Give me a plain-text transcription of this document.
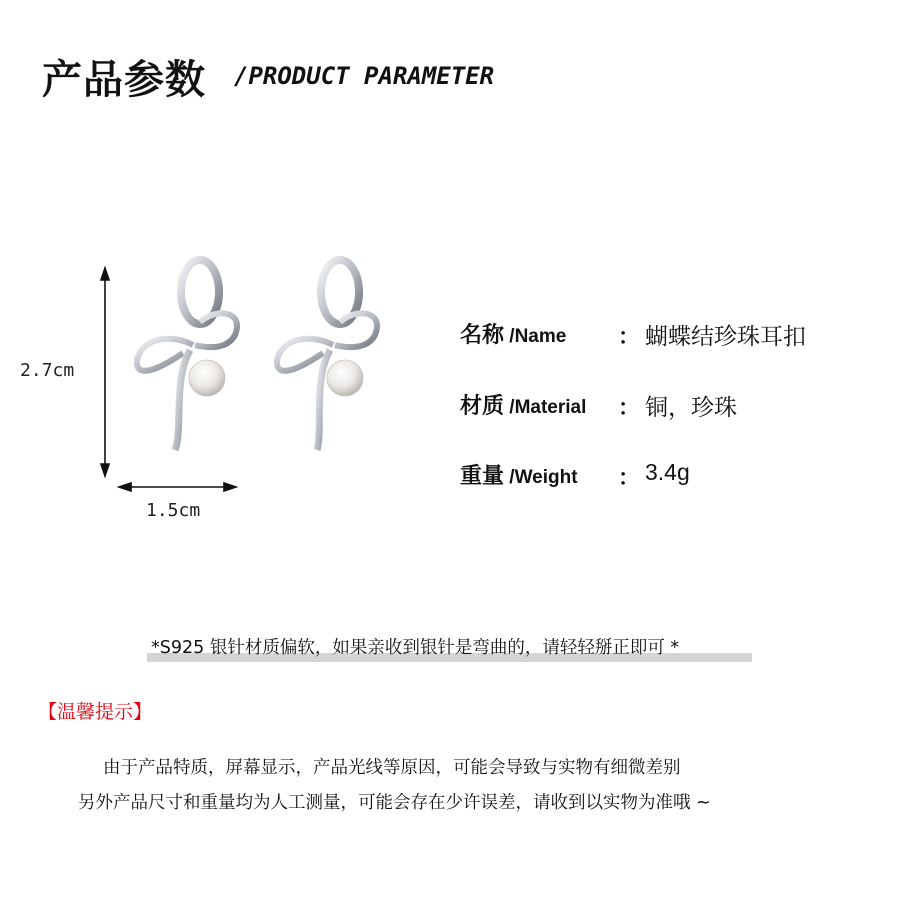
产品参数 /PRODUCT PARAMETER
2.7cm
1.5cm
名称 /Name ： 蝴蝶结珍珠耳扣
材质 /Material ： 铜，珍珠
重量 /Weight ： 3.4g
*S925 银针材质偏软，如果亲收到银针是弯曲的，请轻轻掰正即可 *
【温馨提示】
由于产品特质，屏幕显示，产品光线等原因，可能会导致与实物有细微差别
另外产品尺寸和重量均为人工测量，可能会存在少许误差，请收到以实物为准哦 ~
